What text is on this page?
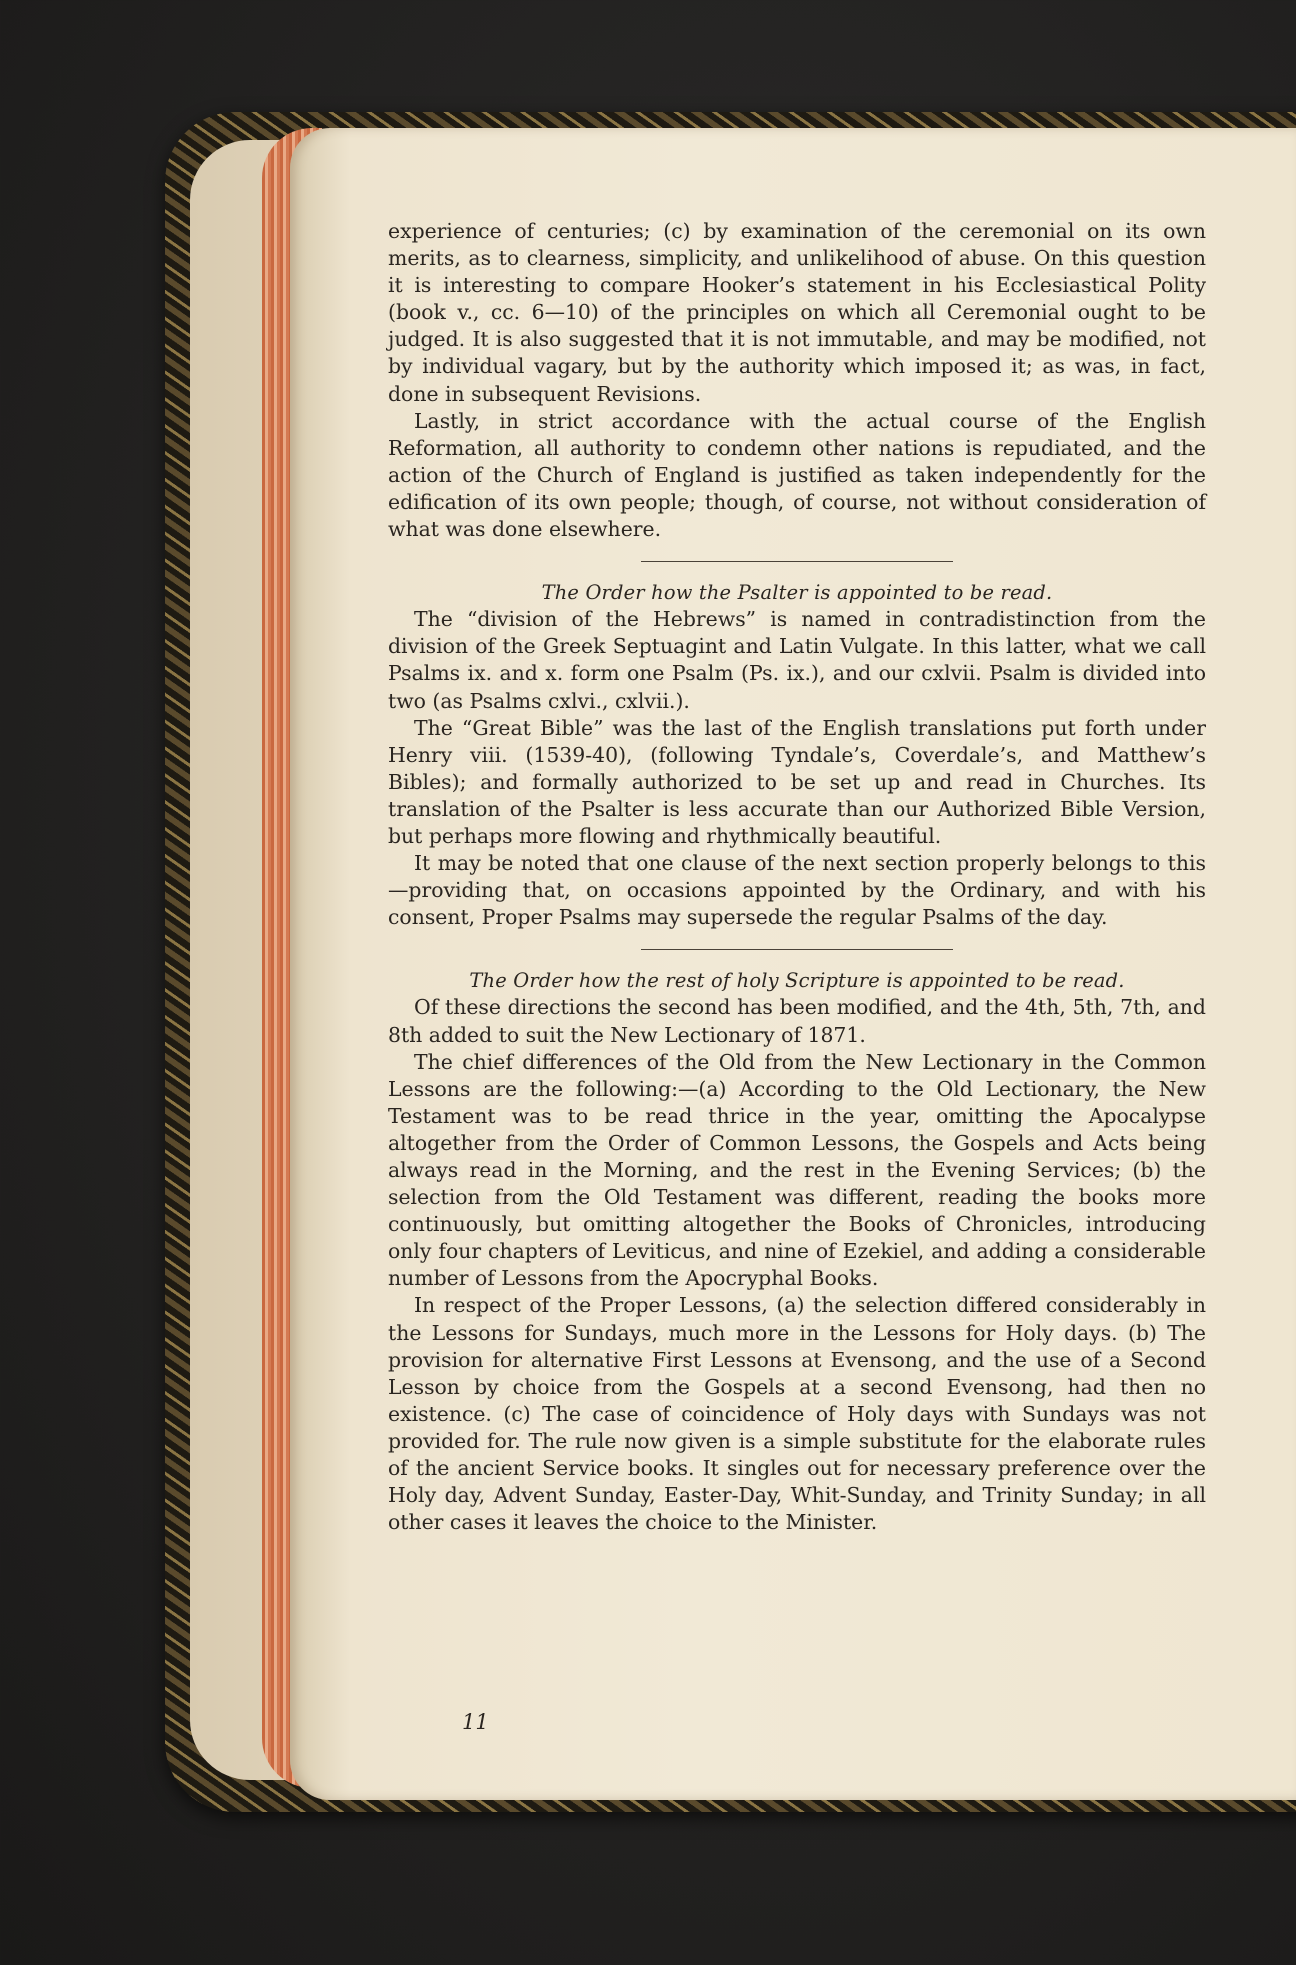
experience of centuries; (c) by examination of the ceremonial on its own merits, as to clearness, simplicity, and unlikelihood of abuse. On this question it is interesting to compare Hooker’s statement in his Ecclesiastical Polity (book v., cc. 6—10) of the principles on which all Ceremonial ought to be judged. It is also suggested that it is not immutable, and may be modified, not by individual vagary, but by the authority which imposed it; as was, in fact, done in subsequent Revisions.

Lastly, in strict accordance with the actual course of the English Reformation, all authority to condemn other nations is repudiated, and the action of the Church of England is justified as taken independently for the edification of its own people; though, of course, not without consideration of what was done elsewhere.

The Order how the Psalter is appointed to be read.

The “division of the Hebrews” is named in contradistinction from the division of the Greek Septuagint and Latin Vulgate. In this latter, what we call Psalms ix. and x. form one Psalm (Ps. ix.), and our cxlvii. Psalm is divided into two (as Psalms cxlvi., cxlvii.).

The “Great Bible” was the last of the English translations put forth under Henry viii. (1539-40), (following Tyndale’s, Coverdale’s, and Matthew’s Bibles); and formally authorized to be set up and read in Churches. Its translation of the Psalter is less accurate than our Authorized Bible Version, but perhaps more flowing and rhythmically beautiful.

It may be noted that one clause of the next section properly belongs to this—providing that, on occasions appointed by the Ordinary, and with his consent, Proper Psalms may supersede the regular Psalms of the day.

The Order how the rest of holy Scripture is appointed to be read.

Of these directions the second has been modified, and the 4th, 5th, 7th, and 8th added to suit the New Lectionary of 1871.

The chief differences of the Old from the New Lectionary in the Common Lessons are the following:—(a) According to the Old Lectionary, the New Testament was to be read thrice in the year, omitting the Apocalypse altogether from the Order of Common Lessons, the Gospels and Acts being always read in the Morning, and the rest in the Evening Services; (b) the selection from the Old Testament was different, reading the books more continuously, but omitting altogether the Books of Chronicles, introducing only four chapters of Leviticus, and nine of Ezekiel, and adding a considerable number of Lessons from the Apocryphal Books.

In respect of the Proper Lessons, (a) the selection differed considerably in the Lessons for Sundays, much more in the Lessons for Holy days. (b) The provision for alternative First Lessons at Evensong, and the use of a Second Lesson by choice from the Gospels at a second Evensong, had then no existence. (c) The case of coincidence of Holy days with Sundays was not provided for. The rule now given is a simple substitute for the elaborate rules of the ancient Service books. It singles out for necessary preference over the Holy day, Advent Sunday, Easter-Day, Whit-Sunday, and Trinity Sunday; in all other cases it leaves the choice to the Minister.

11
